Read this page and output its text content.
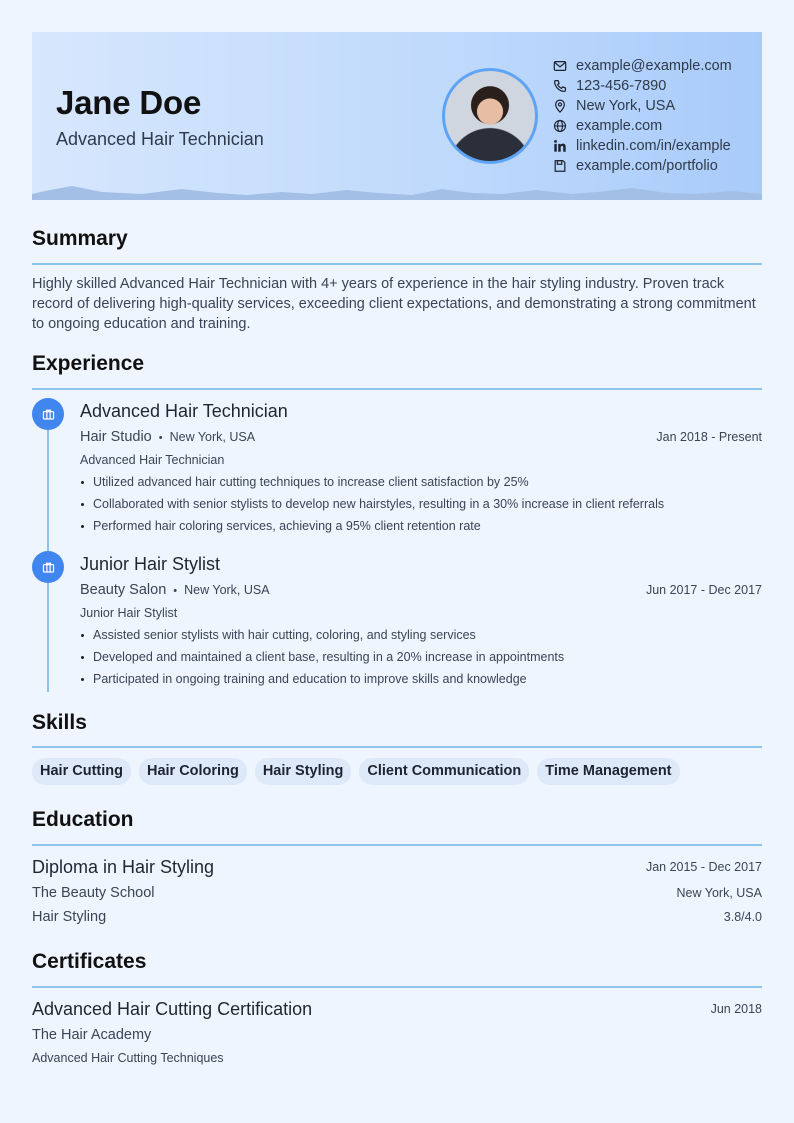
Jane Doe
Advanced Hair Technician
example@example.com
123-456-7890
New York, USA
example.com
linkedin.com/in/example
example.com/portfolio
Summary

Highly skilled Advanced Hair Technician with 4+ years of experience in the hair styling industry. Proven track record of delivering high-quality services, exceeding client expectations, and demonstrating a strong commitment to ongoing education and training.

Experience
Advanced Hair Technician
Hair Studio • New York, USA	Jan 2018 - Present
Advanced Hair Technician
Utilized advanced hair cutting techniques to increase client satisfaction by 25%
Collaborated with senior stylists to develop new hairstyles, resulting in a 30% increase in client referrals
Performed hair coloring services, achieving a 95% client retention rate
Junior Hair Stylist
Beauty Salon • New York, USA	Jun 2017 - Dec 2017
Junior Hair Stylist
Assisted senior stylists with hair cutting, coloring, and styling services
Developed and maintained a client base, resulting in a 20% increase in appointments
Participated in ongoing training and education to improve skills and knowledge
Skills
Hair Cutting	Hair Coloring	Hair Styling	Client Communication	Time Management
Education
Diploma in Hair Styling	Jan 2015 - Dec 2017
The Beauty School	New York, USA
Hair Styling	3.8/4.0
Certificates
Advanced Hair Cutting Certification	Jun 2018
The Hair Academy
Advanced Hair Cutting Techniques
